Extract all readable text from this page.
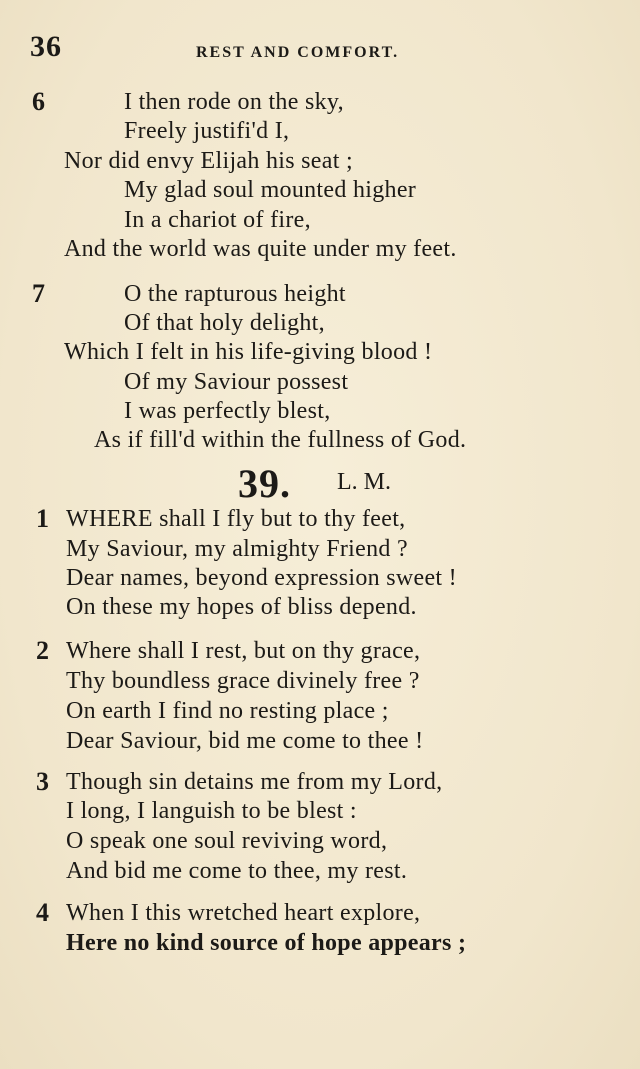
36	REST AND COMFORT.
6	I then rode on the sky,
Freely justifi'd I,
Nor did envy Elijah his seat ;
My glad soul mounted higher
In a chariot of fire,
And the world was quite under my feet.
7	O the rapturous height
Of that holy delight,
Which I felt in his life-giving blood !
Of my Saviour possest
I was perfectly blest,
As if fill'd within the fullness of God.
39. L. M.
1 WHERE shall I fly but to thy feet,
My Saviour, my almighty Friend ?
Dear names, beyond expression sweet !
On these my hopes of bliss depend.
2 Where shall I rest, but on thy grace,
Thy boundless grace divinely free ?
On earth I find no resting place ;
Dear Saviour, bid me come to thee !
3 Though sin detains me from my Lord,
I long, I languish to be blest :
O speak one soul reviving word,
And bid me come to thee, my rest.
4 When I this wretched heart explore,
Here no kind source of hope appears ;
